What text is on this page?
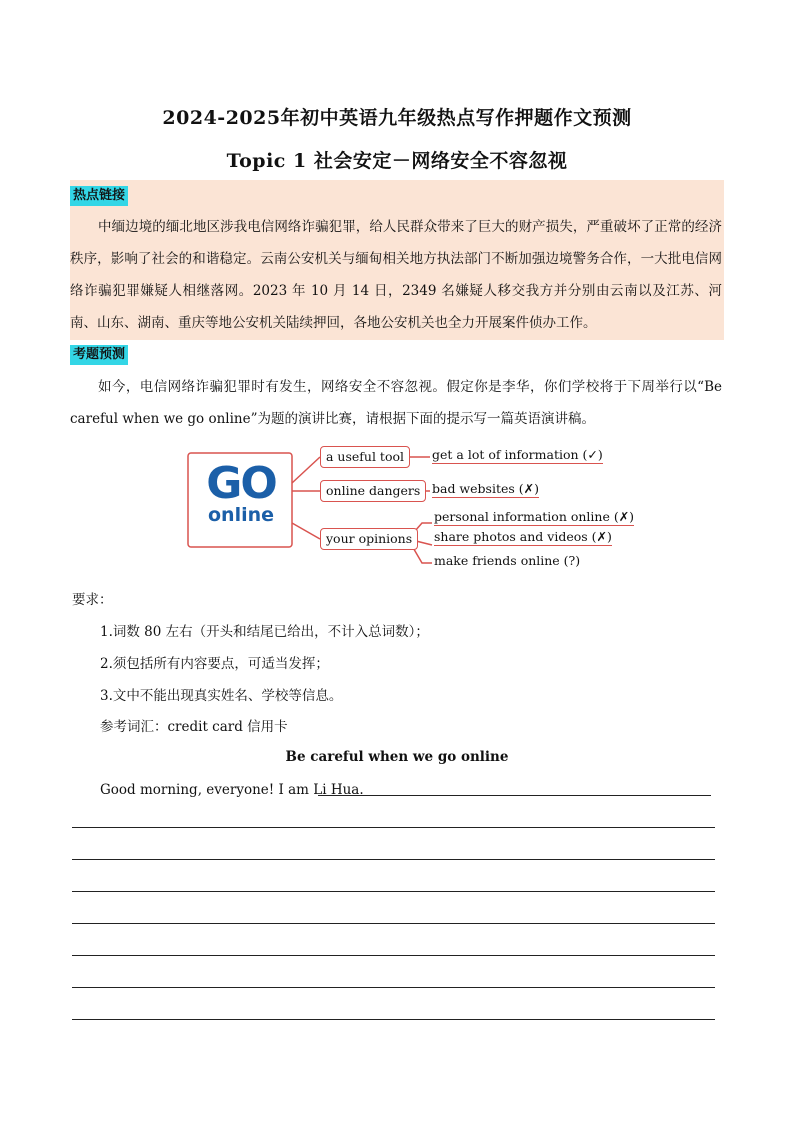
2024-2025年初中英语九年级热点写作押题作文预测
Topic 1 社会安定－网络安全不容忽视
热点链接

中缅边境的缅北地区涉我电信网络诈骗犯罪，给人民群众带来了巨大的财产损失，严重破坏了正常的经济秩序，影响了社会的和谐稳定。云南公安机关与缅甸相关地方执法部门不断加强边境警务合作，一大批电信网络诈骗犯罪嫌疑人相继落网。2023 年 10 月 14 日，2349 名嫌疑人移交我方并分别由云南以及江苏、河南、山东、湖南、重庆等地公安机关陆续押回，各地公安机关也全力开展案件侦办工作。

考题预测

如今，电信网络诈骗犯罪时有发生，网络安全不容忽视。假定你是李华，你们学校将于下周举行以“Be careful when we go online”为题的演讲比赛，请根据下面的提示写一篇英语演讲稿。

GO
online
a useful tool
online dangers
your opinions
get a lot of information (✓)
bad websites (✗)
personal information online (✗)
share photos and videos (✗)
make friends online (?)
要求：
1.词数 80 左右（开头和结尾已给出，不计入总词数）；
2.须包括所有内容要点，可适当发挥；
3.文中不能出现真实姓名、学校等信息。
参考词汇：credit card 信用卡
Be careful when we go online
Good morning, everyone! I am Li Hua.
